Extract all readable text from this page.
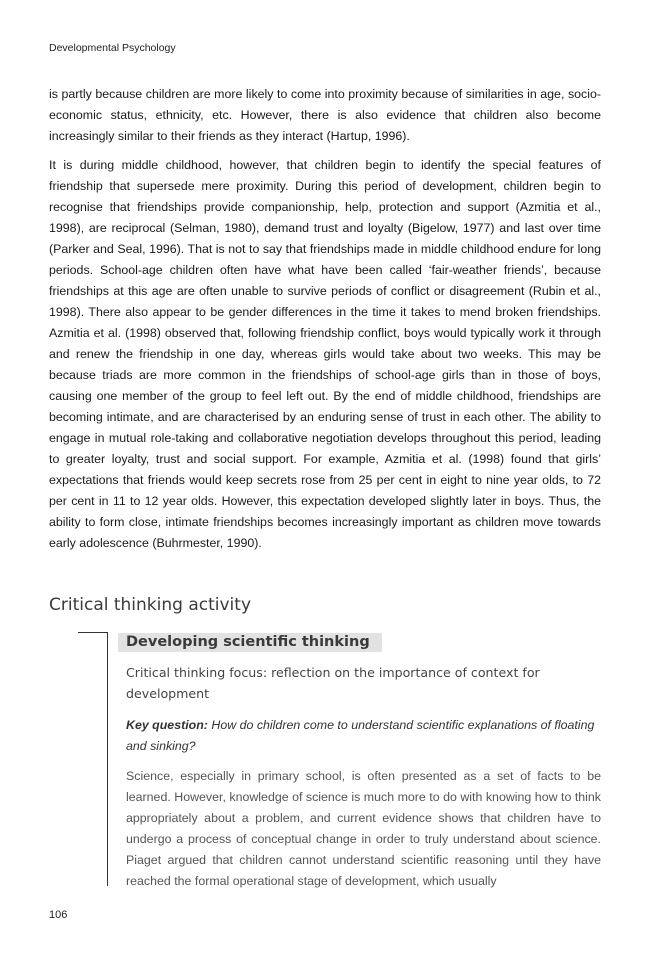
Developmental Psychology

is partly because children are more likely to come into proximity because of similarities in age, socio-economic status, ethnicity, etc. However, there is also evidence that children also become increasingly similar to their friends as they interact (Hartup, 1996).

It is during middle childhood, however, that children begin to identify the special features of friendship that supersede mere proximity. During this period of development, children begin to recognise that friendships provide companionship, help, protection and support (Azmitia et al., 1998), are reciprocal (Selman, 1980), demand trust and loyalty (Bigelow, 1977) and last over time (Parker and Seal, 1996). That is not to say that friendships made in middle childhood endure for long periods. School-age children often have what have been called ‘fair-weather friends’, because friendships at this age are often unable to survive periods of conflict or disagreement (Rubin et al., 1998). There also appear to be gender differences in the time it takes to mend broken friendships. Azmitia et al. (1998) observed that, following friendship conflict, boys would typically work it through and renew the friendship in one day, whereas girls would take about two weeks. This may be because triads are more common in the friendships of school-age girls than in those of boys, causing one member of the group to feel left out. By the end of middle childhood, friendships are becoming intimate, and are characterised by an enduring sense of trust in each other. The ability to engage in mutual role-taking and collaborative negotiation develops throughout this period, leading to greater loyalty, trust and social support. For example, Azmitia et al. (1998) found that girls’ expectations that friends would keep secrets rose from 25 per cent in eight to nine year olds, to 72 per cent in 11 to 12 year olds. However, this expectation developed slightly later in boys. Thus, the ability to form close, intimate friendships becomes increasingly important as children move towards early adolescence (Buhrmester, 1990).

Critical thinking activity
Developing scientific thinking

Critical thinking focus: reflection on the importance of context for development

Key question: How do children come to understand scientific explanations of floating and sinking?

Science, especially in primary school, is often presented as a set of facts to be learned. However, knowledge of science is much more to do with knowing how to think appropriately about a problem, and current evidence shows that children have to undergo a process of conceptual change in order to truly understand about science. Piaget argued that children cannot understand scientific reasoning until they have reached the formal operational stage of development, which usually

106
